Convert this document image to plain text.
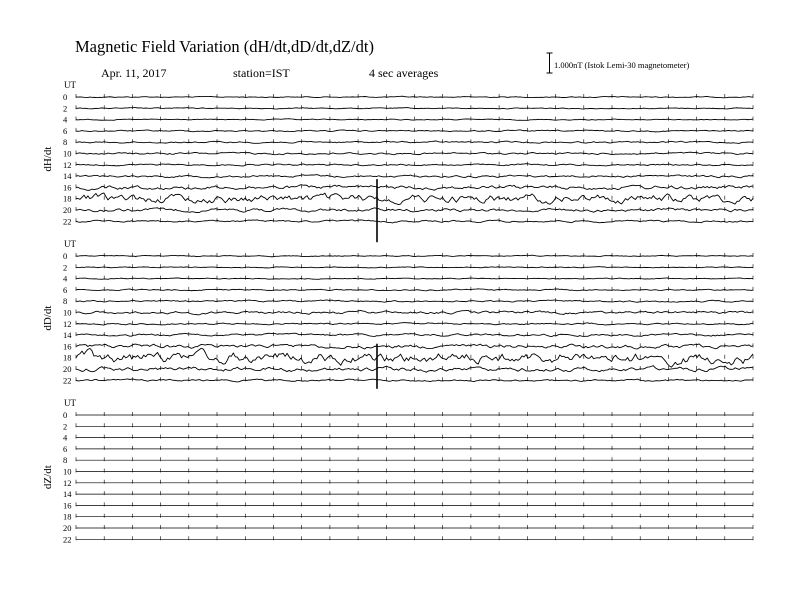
Magnetic Field Variation (dH/dt,dD/dt,dZ/dt)
Apr. 11, 2017	station=IST	4 sec averages
1.000nT (Istok Lemi-30 magnetometer)
UT
dH/dt
0
2
4
6
8
10
12
14
16
18
20
22
UT
dD/dt
0
2
4
6
8
10
12
14
16
18
20
22
UT
dZ/dt
0
2
4
6
8
10
12
14
16
18
20
22
